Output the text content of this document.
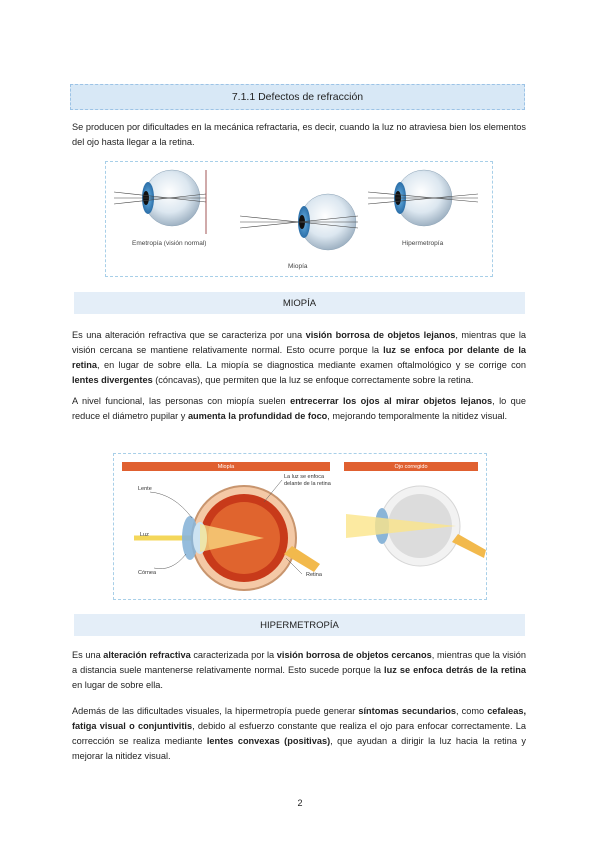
7.1.1 Defectos de refracción

Se producen por dificultades en la mecánica refractaria, es decir, cuando la luz no atraviesa bien los elementos del ojo hasta llegar a la retina.

Emetropía (visión normal)
Miopía
Hipermetropía
MIOPÍA

Es una alteración refractiva que se caracteriza por una visión borrosa de objetos lejanos, mientras que la visión cercana se mantiene relativamente normal. Esto ocurre porque la luz se enfoca por delante de la retina, en lugar de sobre ella. La miopía se diagnostica mediante examen oftalmológico y se corrige con lentes divergentes (cóncavas), que permiten que la luz se enfoque correctamente sobre la retina.

A nivel funcional, las personas con miopía suelen entrecerrar los ojos al mirar objetos lejanos, lo que reduce el diámetro pupilar y aumenta la profundidad de foco, mejorando temporalmente la nitidez visual.

Miopía	Ojo corregido
Lente
Luz
Córnea
La luz se enfoca delante de la retina
Retina
HIPERMETROPÍA

Es una alteración refractiva caracterizada por la visión borrosa de objetos cercanos, mientras que la visión a distancia suele mantenerse relativamente normal. Esto sucede porque la luz se enfoca detrás de la retina en lugar de sobre ella.

Además de las dificultades visuales, la hipermetropía puede generar síntomas secundarios, como cefaleas, fatiga visual o conjuntivitis, debido al esfuerzo constante que realiza el ojo para enfocar correctamente. La corrección se realiza mediante lentes convexas (positivas), que ayudan a dirigir la luz hacia la retina y mejorar la nitidez visual.

2
